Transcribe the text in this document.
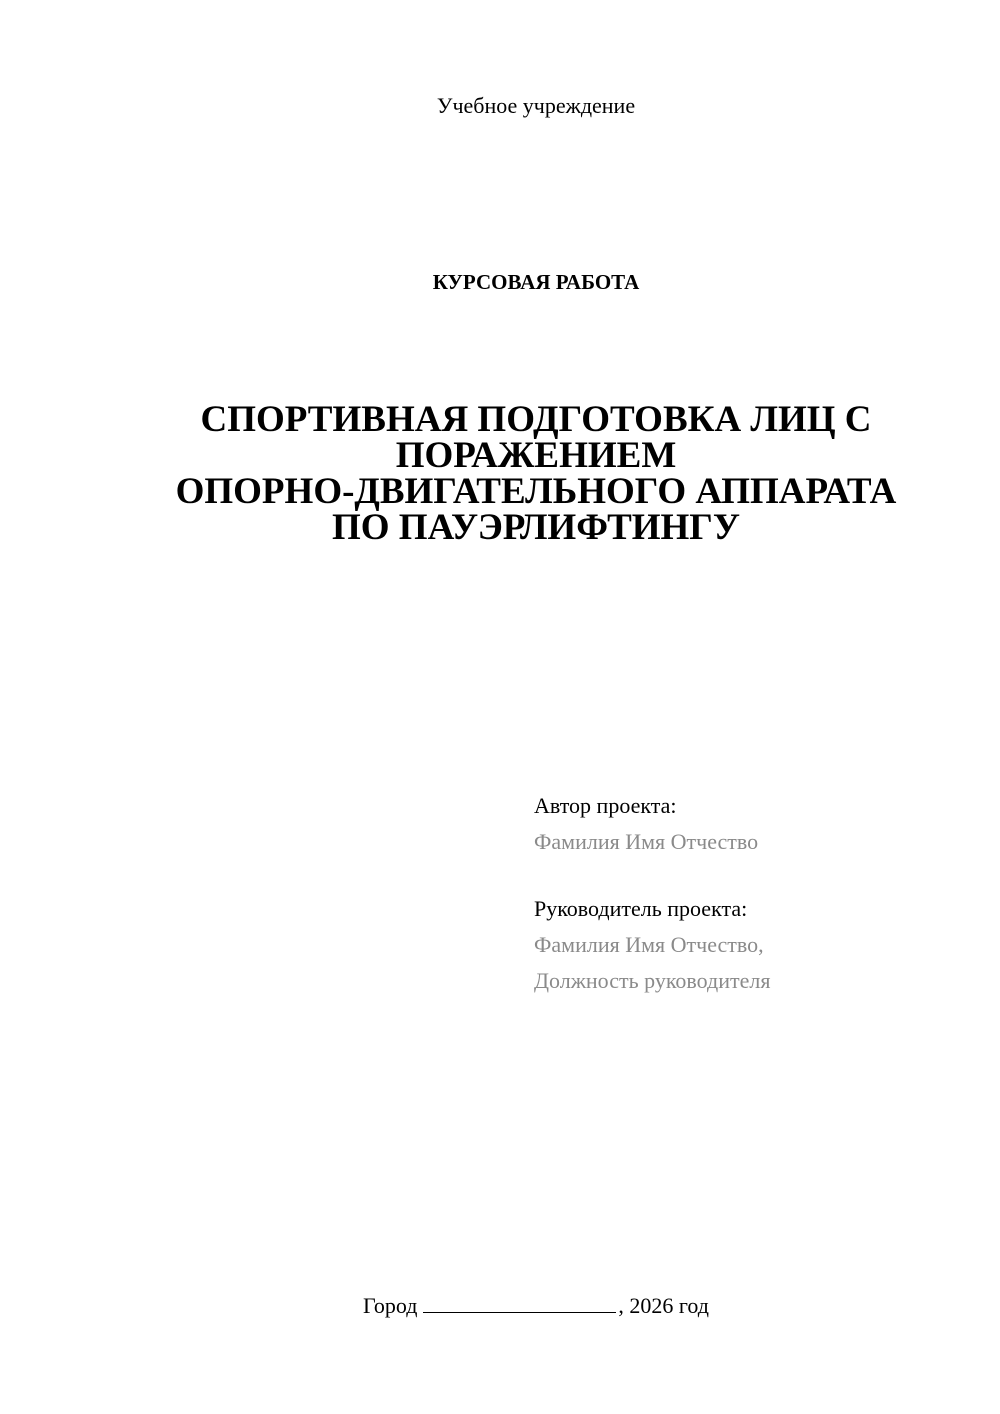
Учебное учреждение
КУРСОВАЯ РАБОТА
СПОРТИВНАЯ ПОДГОТОВКА ЛИЦ С
ПОРАЖЕНИЕМ
ОПОРНО-ДВИГАТЕЛЬНОГО АППАРАТА
ПО ПАУЭРЛИФТИНГУ
Автор проекта:
Фамилия Имя Отчество
Руководитель проекта:
Фамилия Имя Отчество,
Должность руководителя
Город	, 2026 год
